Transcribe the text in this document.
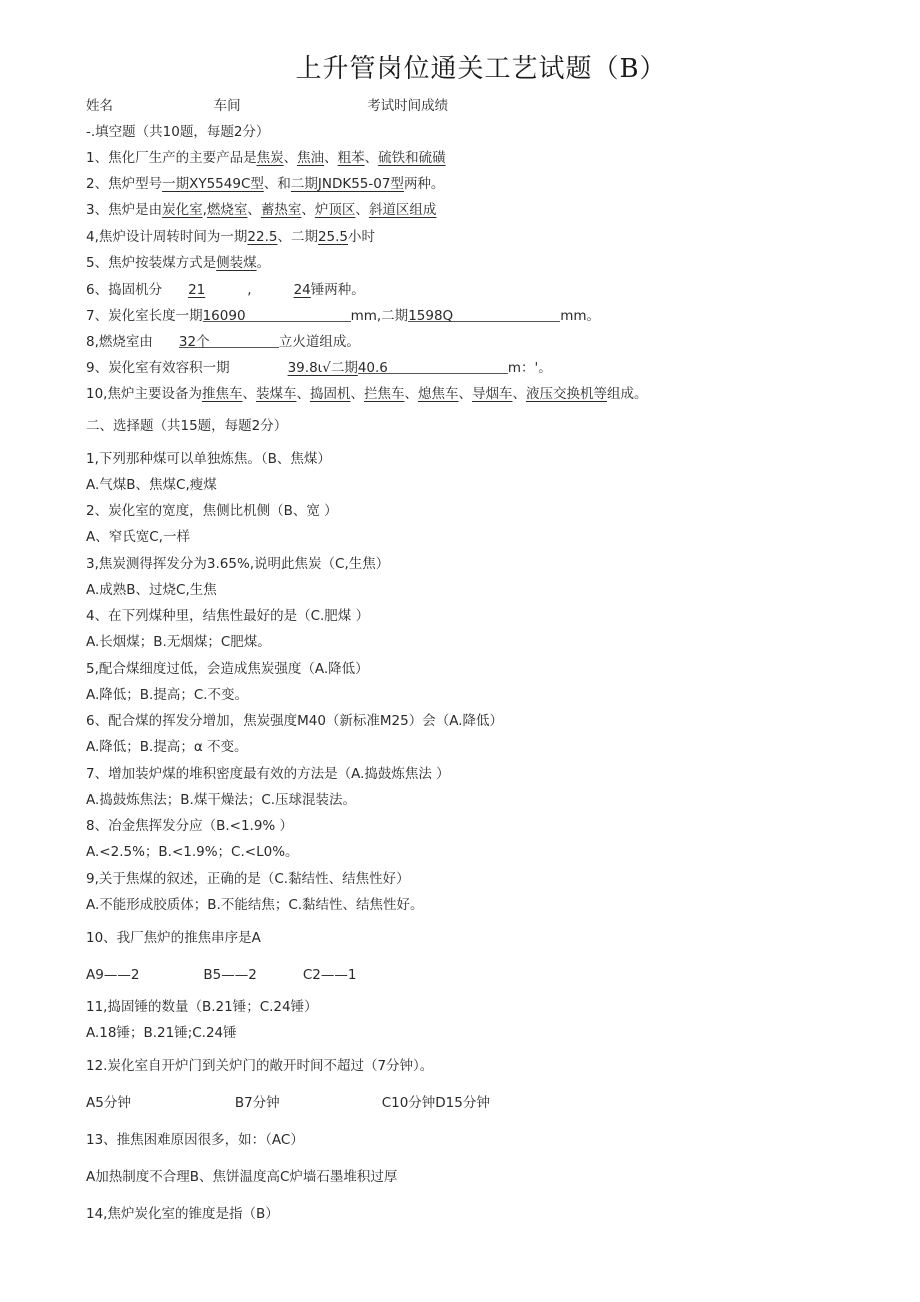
上升管岗位通关工艺试题（B）
姓名	车间	考试时间成绩
-.填空题（共10题，每题2分）
1、焦化厂生产的主要产品是焦炭、焦油、粗苯、硫铁和硫磺
2、焦炉型号一期XY5549C型、和二期JNDK55-07型两种。
3、焦炉是由炭化室,燃烧室、蓄热室、炉顶区、斜道区组成
4,焦炉设计周转时间为一期22.5、二期25.5小时
5、焦炉按装煤方式是侧装煤。
6、捣固机分 21	,	24锤两种。
7、炭化室长度一期16090	mm,二期1598Q	mm。
8,燃烧室由 32个	立火道组成。
9、炭化室有效容积一期	39.8ι√二期40.6	m：'。
10,焦炉主要设备为推焦车、装煤车、捣固机、拦焦车、熄焦车、导烟车、液压交换机等组成。
二、选择题（共15题，每题2分）
1,下列那种煤可以单独炼焦。（B、焦煤）
A.气煤B、焦煤C,瘦煤
2、炭化室的宽度，焦侧比机侧（B、宽 ）
A、窄氏宽C,一样
3,焦炭测得挥发分为3.65%,说明此焦炭（C,生焦）
A.成熟B、过烧C,生焦
4、在下列煤种里，结焦性最好的是（C.肥煤 ）
A.长烟煤；B.无烟煤；C肥煤。
5,配合煤细度过低，会造成焦炭强度（A.降低）
A.降低；B.提高；C.不变。
6、配合煤的挥发分增加，焦炭强度M40（新标准M25）会（A.降低）
A.降低；B.提高；α 不变。
7、增加装炉煤的堆积密度最有效的方法是（A.捣鼓炼焦法 ）
A.捣鼓炼焦法；B.煤干燥法；C.压球混装法。
8、冶金焦挥发分应（B.<1.9% ）
A.<2.5%；B.<1.9%；C.<L0%。
9,关于焦煤的叙述，正确的是（C.黏结性、结焦性好）
A.不能形成胶质体；B.不能结焦；C.黏结性、结焦性好。
10、我厂焦炉的推焦串序是A
A9——2	B5——2	C2——1
11,捣固锤的数量（B.21锤；C.24锤）
A.18锤；B.21锤;C.24锤
12.炭化室自开炉门到关炉门的敞开时间不超过（7分钟）。
A5分钟	B7分钟	C10分钟D15分钟
13、推焦困难原因很多，如：（AC）
A加热制度不合理B、焦饼温度高C炉墙石墨堆积过厚
14,焦炉炭化室的锥度是指（B）
